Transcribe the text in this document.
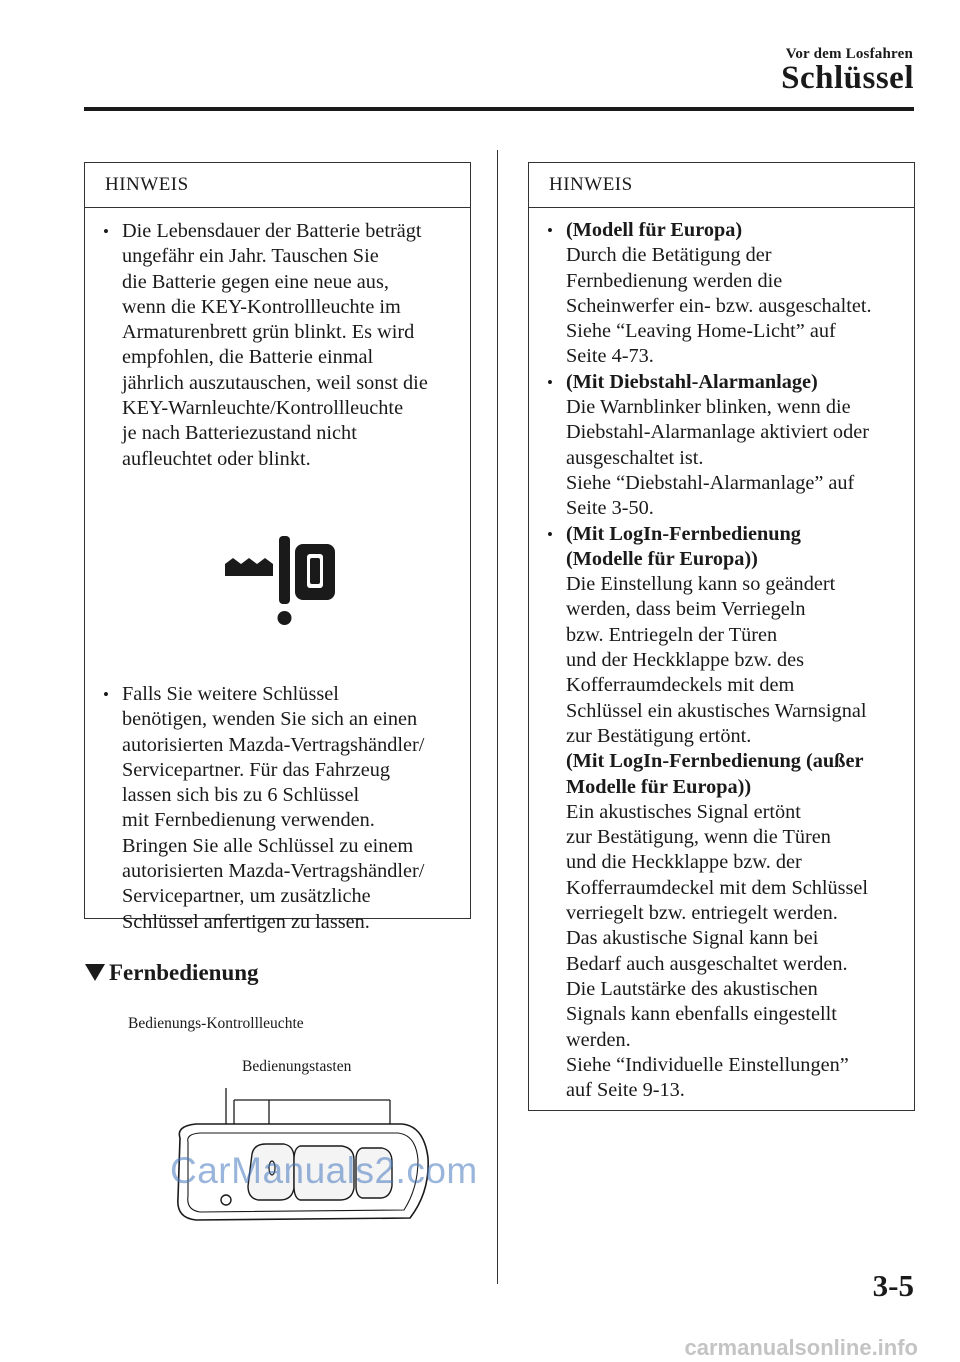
Vor dem Losfahren
Schlüssel
HINWEIS
• Die Lebensdauer der Batterie beträgt
ungefähr ein Jahr. Tauschen Sie
die Batterie gegen eine neue aus,
wenn die KEY-Kontrollleuchte im
Armaturenbrett grün blinkt. Es wird
empfohlen, die Batterie einmal
jährlich auszutauschen, weil sonst die
KEY-Warnleuchte/Kontrollleuchte
je nach Batteriezustand nicht
aufleuchtet oder blinkt.
• Falls Sie weitere Schlüssel
benötigen, wenden Sie sich an einen
autorisierten Mazda-Vertragshändler/
Servicepartner. Für das Fahrzeug
lassen sich bis zu 6 Schlüssel
mit Fernbedienung verwenden.
Bringen Sie alle Schlüssel zu einem
autorisierten Mazda-Vertragshändler/
Servicepartner, um zusätzliche
Schlüssel anfertigen zu lassen.
Fernbedienung
Bedienungs-Kontrollleuchte
Bedienungstasten
CarManuals2.com
HINWEIS
• (Modell für Europa)
Durch die Betätigung der
Fernbedienung werden die
Scheinwerfer ein- bzw. ausgeschaltet.
Siehe “Leaving Home-Licht” auf
Seite 4-73.
• (Mit Diebstahl-Alarmanlage)
Die Warnblinker blinken, wenn die
Diebstahl-Alarmanlage aktiviert oder
ausgeschaltet ist.
Siehe “Diebstahl-Alarmanlage” auf
Seite 3-50.
• (Mit LogIn-Fernbedienung
(Modelle für Europa))
Die Einstellung kann so geändert
werden, dass beim Verriegeln
bzw. Entriegeln der Türen
und der Heckklappe bzw. des
Kofferraumdeckels mit dem
Schlüssel ein akustisches Warnsignal
zur Bestätigung ertönt.
(Mit LogIn-Fernbedienung (außer
Modelle für Europa))
Ein akustisches Signal ertönt
zur Bestätigung, wenn die Türen
und die Heckklappe bzw. der
Kofferraumdeckel mit dem Schlüssel
verriegelt bzw. entriegelt werden.
Das akustische Signal kann bei
Bedarf auch ausgeschaltet werden.
Die Lautstärke des akustischen
Signals kann ebenfalls eingestellt
werden.
Siehe “Individuelle Einstellungen”
auf Seite 9-13.
3-5
carmanualsonline.info
